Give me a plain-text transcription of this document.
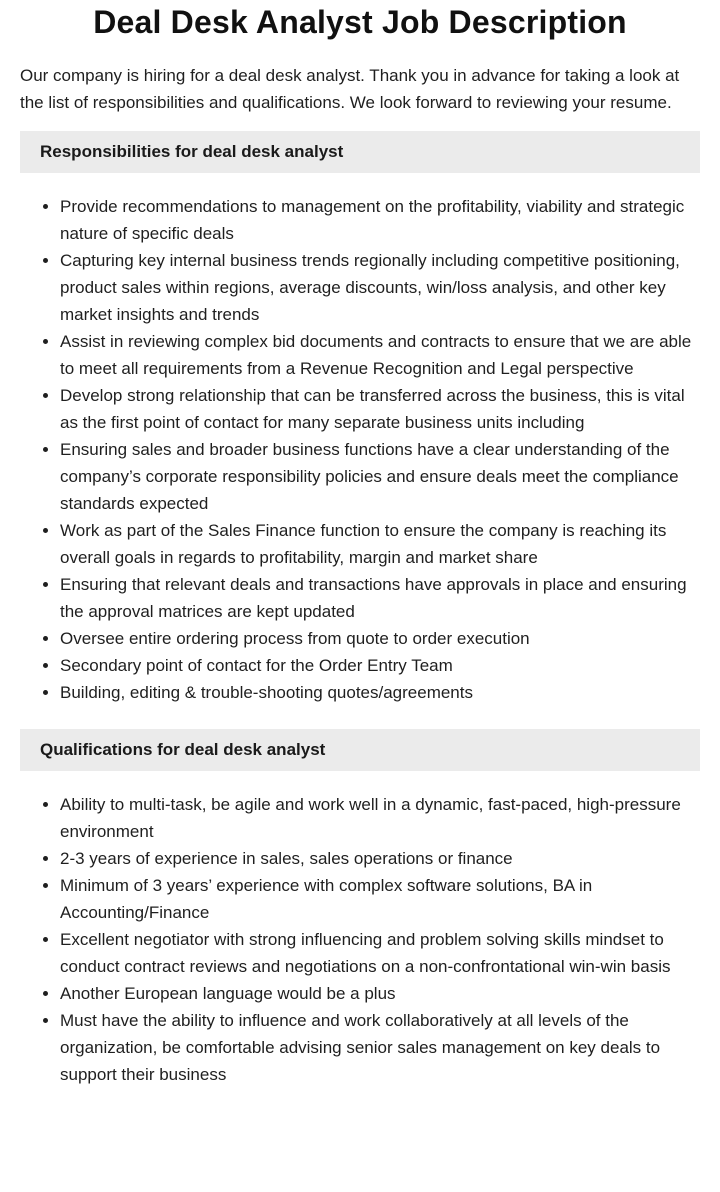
Deal Desk Analyst Job Description

Our company is hiring for a deal desk analyst. Thank you in advance for taking a look at the list of responsibilities and qualifications. We look forward to reviewing your resume.

Responsibilities for deal desk analyst
• Provide recommendations to management on the profitability, viability and strategic nature of specific deals
• Capturing key internal business trends regionally including competitive positioning, product sales within regions, average discounts, win/loss analysis, and other key market insights and trends
• Assist in reviewing complex bid documents and contracts to ensure that we are able to meet all requirements from a Revenue Recognition and Legal perspective
• Develop strong relationship that can be transferred across the business, this is vital as the first point of contact for many separate business units including
• Ensuring sales and broader business functions have a clear understanding of the company’s corporate responsibility policies and ensure deals meet the compliance standards expected
• Work as part of the Sales Finance function to ensure the company is reaching its overall goals in regards to profitability, margin and market share
• Ensuring that relevant deals and transactions have approvals in place and ensuring the approval matrices are kept updated
• Oversee entire ordering process from quote to order execution
• Secondary point of contact for the Order Entry Team
• Building, editing & trouble-shooting quotes/agreements
Qualifications for deal desk analyst
• Ability to multi-task, be agile and work well in a dynamic, fast-paced, high-pressure environment
• 2-3 years of experience in sales, sales operations or finance
• Minimum of 3 years’ experience with complex software solutions, BA in Accounting/Finance
• Excellent negotiator with strong influencing and problem solving skills mindset to conduct contract reviews and negotiations on a non-confrontational win-win basis
• Another European language would be a plus
• Must have the ability to influence and work collaboratively at all levels of the organization, be comfortable advising senior sales management on key deals to support their business
